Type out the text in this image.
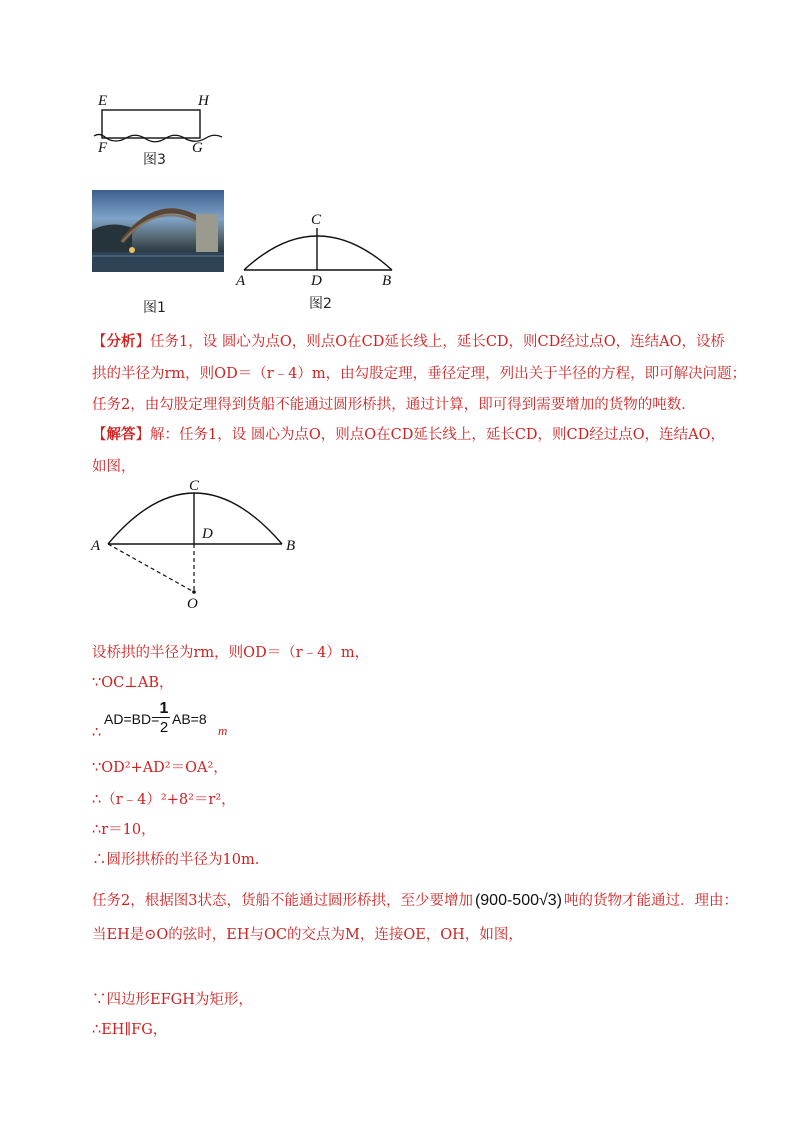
E	H
F	G
图3
图1
C
A	D	B
图2
【分析】任务1，设 圆心为点O，则点O在CD延长线上，延长CD，则CD经过点O，连结AO，设桥
拱的半径为rm，则OD＝（r﹣4）m，由勾股定理，垂径定理，列出关于半径的方程，即可解决问题；
任务2，由勾股定理得到货船不能通过圆形桥拱，通过计算，即可得到需要增加的货物的吨数．
【解答】解：任务1，设 圆心为点O，则点O在CD延长线上，延长CD，则CD经过点O，连结AO，
如图，
C
A
D
B
O
设桥拱的半径为rm，则OD＝（r﹣4）m，
∵OC⊥AB，
∴
AD=BD=
1
2 AB=8
m
∵OD²+AD²＝OA²，
∴（r﹣4）²+8²＝r²，
∴r＝10，
∴圆形拱桥的半径为10m．
任务2，根据图3状态，货船不能通过圆形桥拱，至少要增加 (900-500√3) 吨的货物才能通过．理由：
当EH是⊙O的弦时，EH与OC的交点为M，连接OE，OH，如图，
∵四边形EFGH为矩形，
∴EH∥FG，
